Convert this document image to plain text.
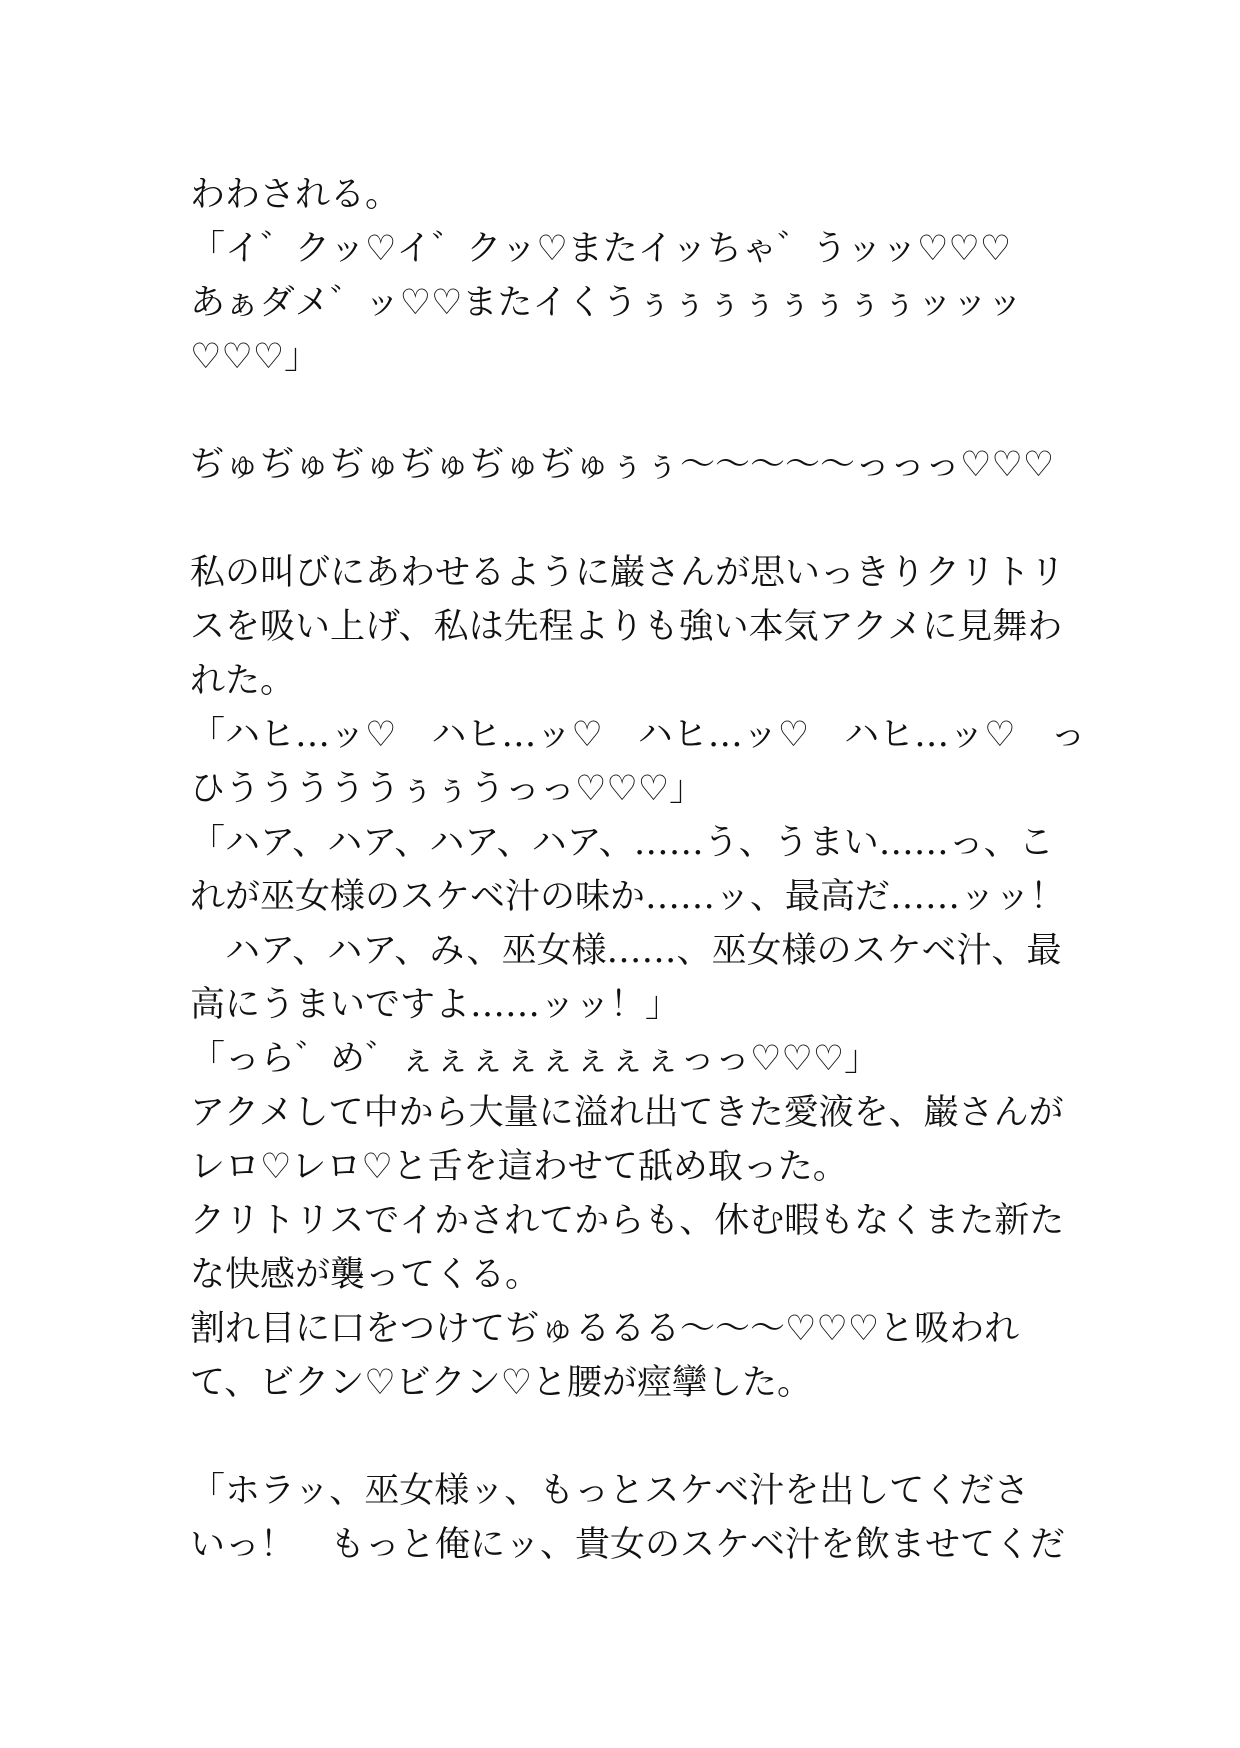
わわされる。
「イ゛クッ♡イ゛クッ♡またイッちゃ゛うッッ♡♡♡
あぁダメ゛ッ♡♡またイくうぅぅぅぅぅぅぅぅッッッ
♡♡♡」
ぢゅぢゅぢゅぢゅぢゅぢゅぅぅ〜〜〜〜〜っっっ♡♡♡
私の叫びにあわせるように巌さんが思いっきりクリトリ
スを吸い上げ、私は先程よりも強い本気アクメに見舞わ
れた。
「ハヒ…ッ♡　ハヒ…ッ♡　ハヒ…ッ♡　ハヒ…ッ♡　っ
ひうううううぅぅうっっ♡♡♡」
「ハア、ハア、ハア、ハア、……う、うまい……っ、こ
れが巫女様のスケベ汁の味か……ッ、最高だ……ッッ！
　ハア、ハア、み、巫女様……、巫女様のスケベ汁、最
高にうまいですよ……ッッ！」
「っら゛め゛ぇぇぇぇぇぇぇぇっっ♡♡♡」
アクメして中から大量に溢れ出てきた愛液を、巌さんが
レロ♡レロ♡と舌を這わせて舐め取った。
クリトリスでイかされてからも、休む暇もなくまた新た
な快感が襲ってくる。
割れ目に口をつけてぢゅるるる〜〜〜♡♡♡と吸われ
て、ビクン♡ビクン♡と腰が痙攣した。
「ホラッ、巫女様ッ、もっとスケベ汁を出してくださ
いっ！　もっと俺にッ、貴女のスケベ汁を飲ませてくだ
